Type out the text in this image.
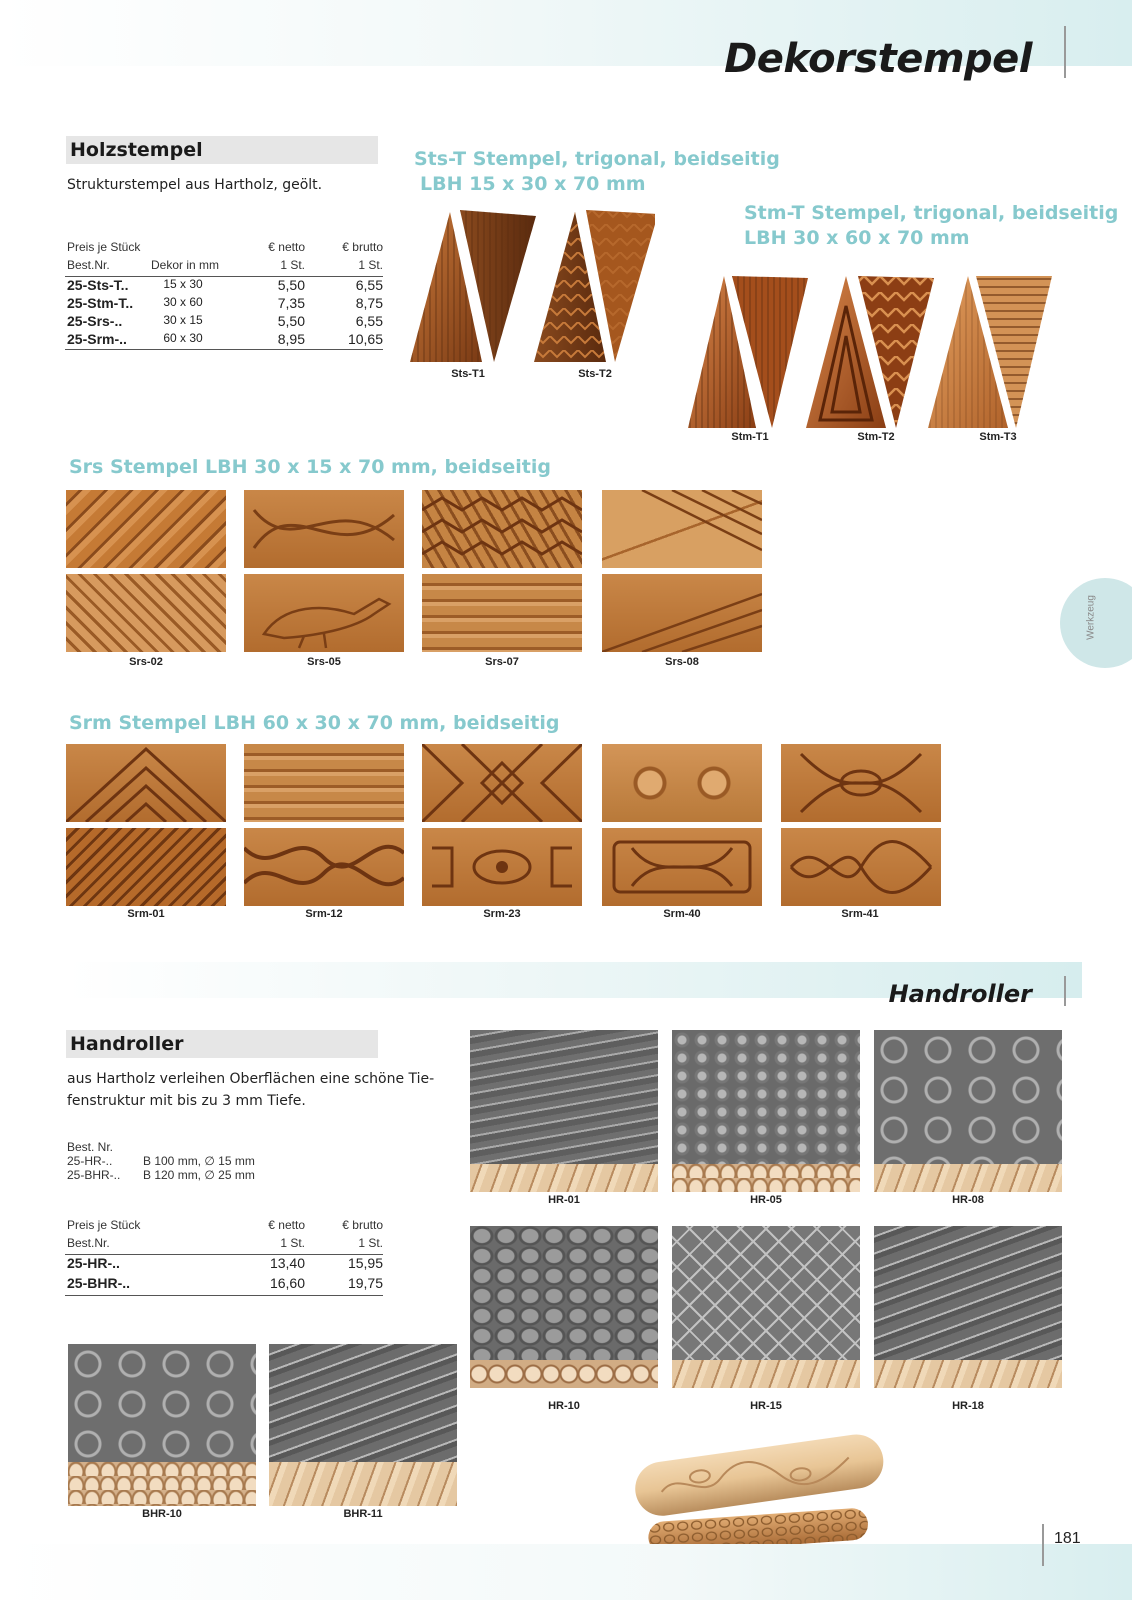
Dekorstempel
Holzstempel
Strukturstempel aus Hartholz, geölt.
Preis je Stück	€ netto	€ brutto
Best.Nr.	Dekor in mm	1 St.	1 St.
25-Sts-T..	15 x 30	5,50	6,55
25-Stm-T..	30 x 60	7,35	8,75
25-Srs-..	30 x 15	5,50	6,55
25-Srm-..	60 x 30	8,95	10,65
Sts-T Stempel, trigonal, beidseitig
LBH 15 x 30 x 70 mm
Sts-T1	Sts-T2
Stm-T Stempel, trigonal, beidseitig
LBH 30 x 60 x 70 mm
Stm-T1	Stm-T2	Stm-T3
Srs Stempel LBH 30 x 15 x 70 mm, beidseitig
Srs-02	Srs-05	Srs-07	Srs-08
Werkzeug
Srm Stempel LBH 60 x 30 x 70 mm, beidseitig
Srm-01	Srm-12	Srm-23	Srm-40	Srm-41
Handroller
Handroller
aus Hartholz verleihen Oberflächen eine schöne Tie-
fenstruktur mit bis zu 3 mm Tiefe.
Best. Nr.
25-HR-..	B 100 mm, ∅ 15 mm
25-BHR-.. B 120 mm, ∅ 25 mm
Preis je Stück	€ netto	€ brutto
Best.Nr.	1 St.	1 St.
25-HR-..	13,40	15,95
25-BHR-..	16,60	19,75
HR-01	HR-05	HR-08
HR-10	HR-15	HR-18
BHR-10	BHR-11
181
